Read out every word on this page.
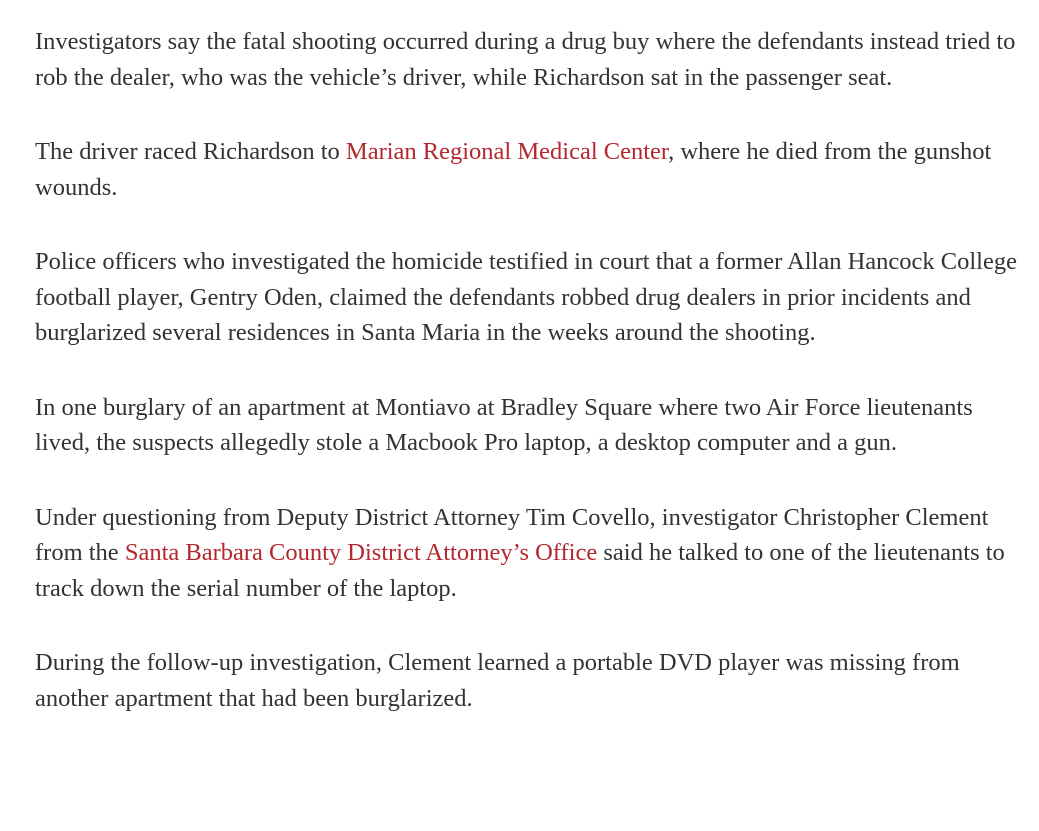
Investigators say the fatal shooting occurred during a drug buy where the defendants instead tried to rob the dealer, who was the vehicle’s driver, while Richardson sat in the passenger seat.

The driver raced Richardson to Marian Regional Medical Center, where he died from the gunshot wounds.

Police officers who investigated the homicide testified in court that a former Allan Hancock College football player, Gentry Oden, claimed the defendants robbed drug dealers in prior incidents and burglarized several residences in Santa Maria in the weeks around the shooting.

In one burglary of an apartment at Montiavo at Bradley Square where two Air Force lieutenants lived, the suspects allegedly stole a Macbook Pro laptop, a desktop computer and a gun.

Under questioning from Deputy District Attorney Tim Covello, investigator Christopher Clement from the Santa Barbara County District Attorney’s Office said he talked to one of the lieutenants to track down the serial number of the laptop.

During the follow-up investigation, Clement learned a portable DVD player was missing from another apartment that had been burglarized.
